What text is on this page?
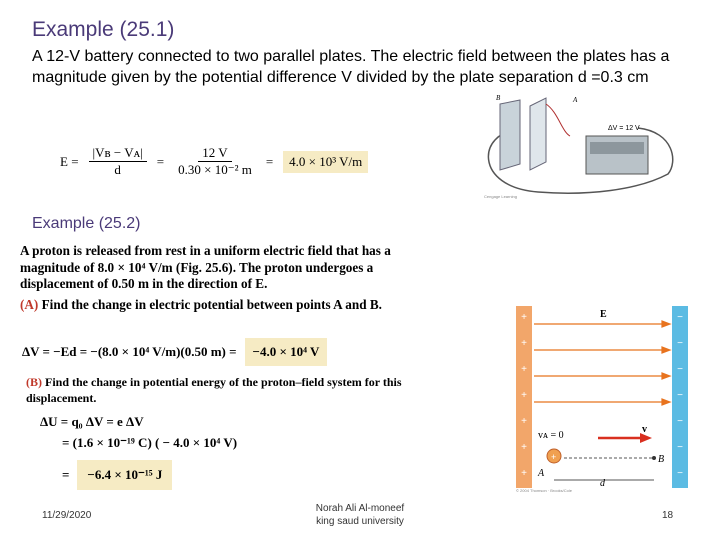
Example (25.1)
A 12-V battery connected to two parallel plates. The electric field between the plates has a magnitude given by the potential difference V divided by the plate separation d =0.3 cm
$E = \frac{\text{|Vʙ − Vᴀ|}}{d} = \frac{12 V}{\text{0.30 × 10⁻² m}}$ =	4.0 × 10³ V/m
B	A
ΔV = 12 V
Cengage Learning
Example (25.2)
A proton is released from rest in a uniform electric field that has a magnitude of 8.0 × 10⁴ V/m (Fig. 25.6). The proton undergoes a displacement of 0.50 m in the direction of E.
(A) Find the change in electric potential between points A and B.
ΔV = −Ed = −(8.0 × 10⁴ V/m)(0.50 m) =	−4.0 × 10⁴ V
(B) Find the change in potential energy of the proton–field system for this displacement.
ΔU = q₀ ΔV = e ΔV
= (1.6 × 10⁻¹⁹ C) ( − 4.0 × 10⁴ V)
=	−6.4 × 10⁻¹⁵ J
+
+
+
+
+
+
+
−
−
−
−
−
−
−
E
v
vᴀ = 0
+
A
B
d
© 2004 Thomson · Brooks/Cole
11/29/2020
Norah Ali Al-moneef
king saud university
18
